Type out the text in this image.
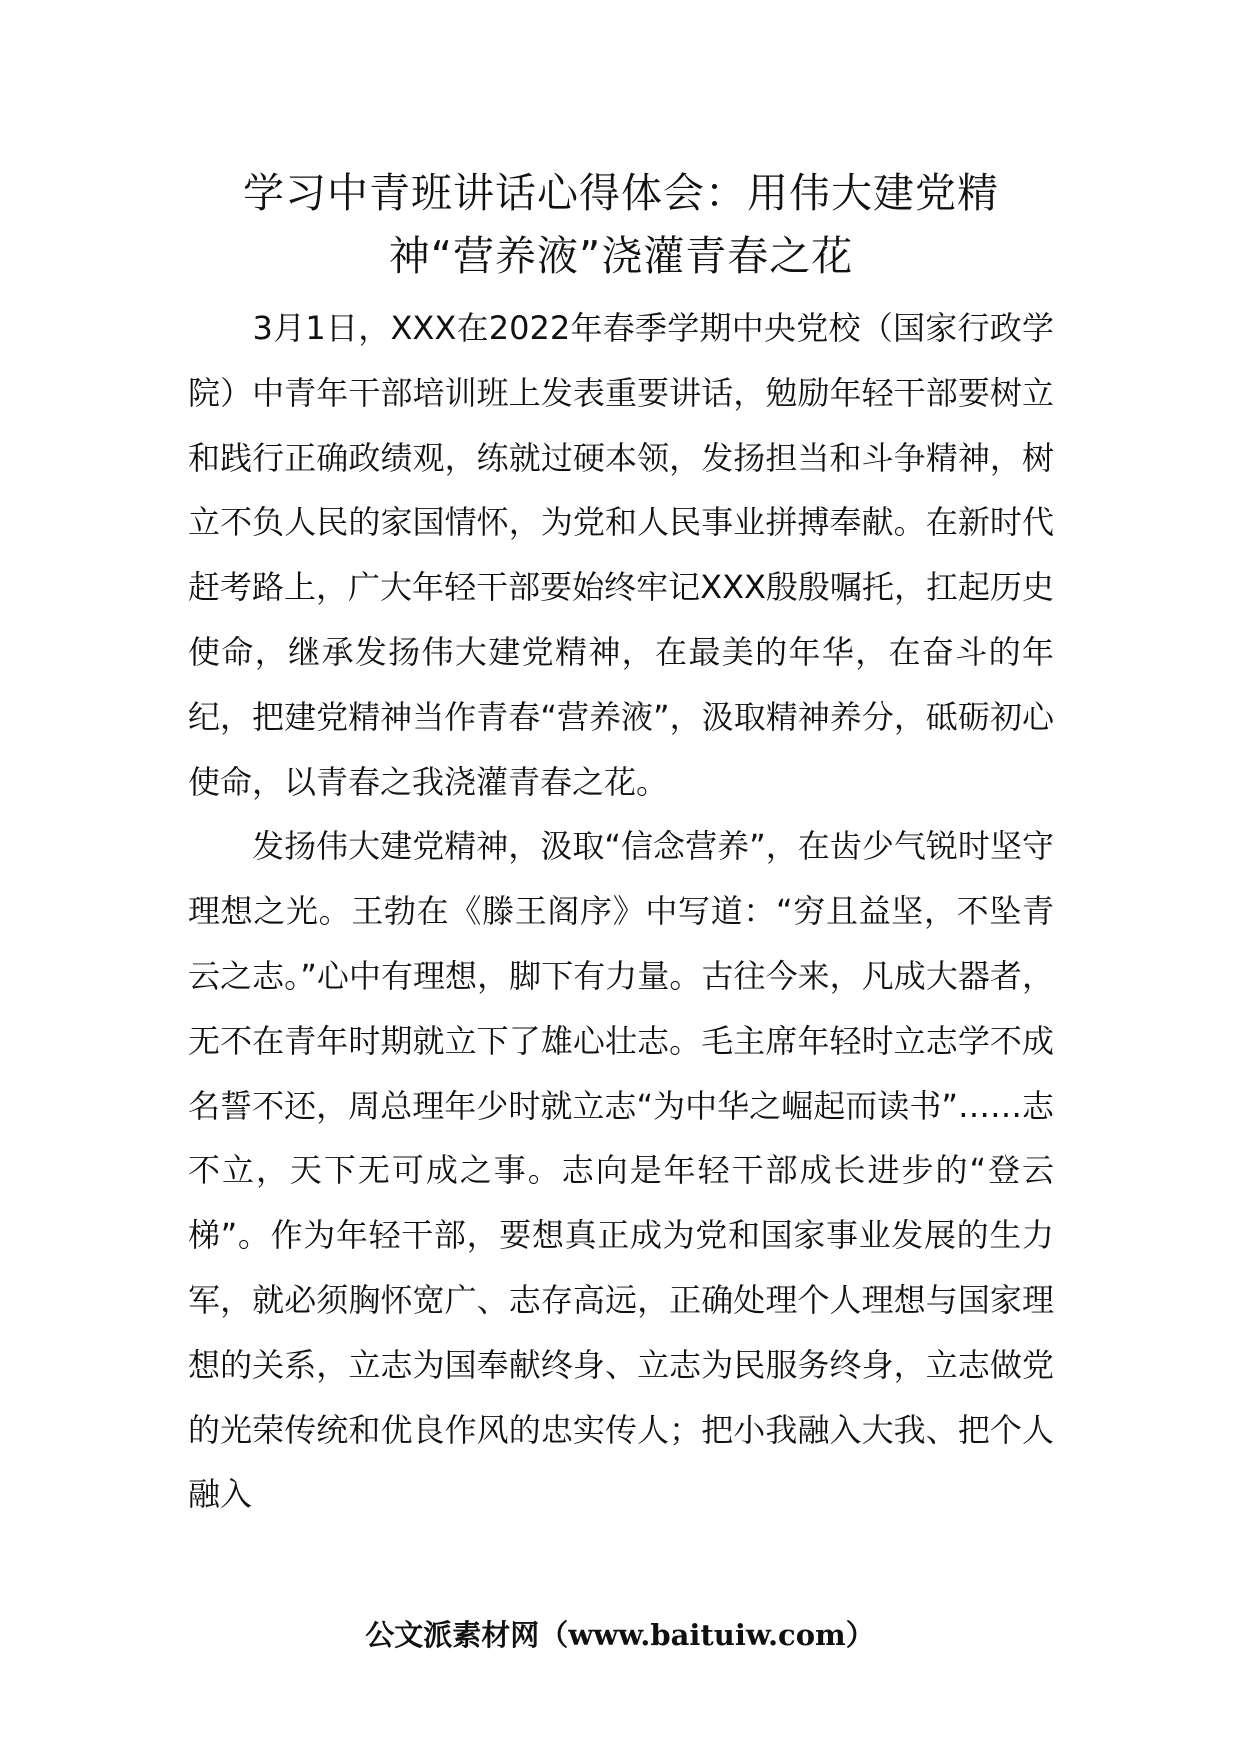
学习中青班讲话心得体会：用伟大建党精
神“营养液”浇灌青春之花

　　3月1日，XXX在2022年春季学期中央党校（国家行政学院）中青年干部培训班上发表重要讲话，勉励年轻干部要树立和践行正确政绩观，练就过硬本领，发扬担当和斗争精神，树立不负人民的家国情怀，为党和人民事业拼搏奉献。在新时代赶考路上，广大年轻干部要始终牢记XXX殷殷嘱托，扛起历史使命，继承发扬伟大建党精神，在最美的年华，在奋斗的年纪，把建党精神当作青春“营养液”，汲取精神养分，砥砺初心使命，以青春之我浇灌青春之花。

　　发扬伟大建党精神，汲取“信念营养”，在齿少气锐时坚守理想之光。王勃在《滕王阁序》中写道：“穷且益坚，不坠青云之志。”心中有理想，脚下有力量。古往今来，凡成大器者，无不在青年时期就立下了雄心壮志。毛主席年轻时立志学不成名誓不还，周总理年少时就立志“为中华之崛起而读书”……志不立，天下无可成之事。志向是年轻干部成长进步的“登云梯”。作为年轻干部，要想真正成为党和国家事业发展的生力军，就必须胸怀宽广、志存高远，正确处理个人理想与国家理想的关系，立志为国奉献终身、立志为民服务终身，立志做党的光荣传统和优良作风的忠实传人；把小我融入大我、把个人融入

公文派素材网（www.baituiw.com）
